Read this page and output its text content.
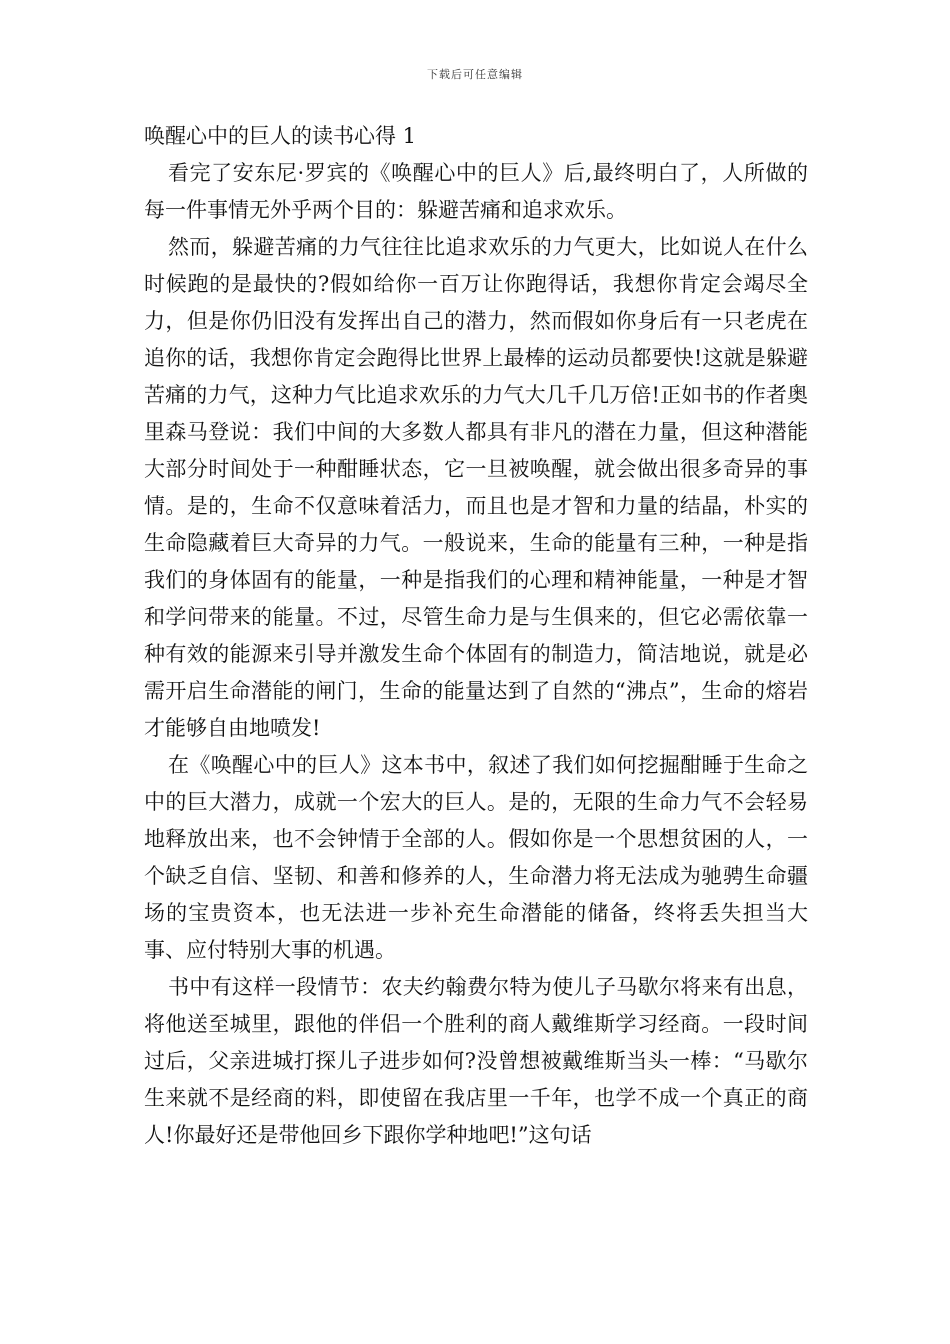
下载后可任意编辑
唤醒心中的巨人的读书心得 1

看完了安东尼·罗宾的《唤醒心中的巨人》后,最终明白了，人所做的每一件事情无外乎两个目的：躲避苦痛和追求欢乐。

然而，躲避苦痛的力气往往比追求欢乐的力气更大，比如说人在什么时候跑的是最快的?假如给你一百万让你跑得话，我想你肯定会竭尽全力，但是你仍旧没有发挥出自己的潜力，然而假如你身后有一只老虎在追你的话，我想你肯定会跑得比世界上最棒的运动员都要快!这就是躲避苦痛的力气，这种力气比追求欢乐的力气大几千几万倍!正如书的作者奥里森马登说：我们中间的大多数人都具有非凡的潜在力量，但这种潜能大部分时间处于一种酣睡状态，它一旦被唤醒，就会做出很多奇异的事情。是的，生命不仅意味着活力，而且也是才智和力量的结晶，朴实的生命隐藏着巨大奇异的力气。一般说来，生命的能量有三种，一种是指我们的身体固有的能量，一种是指我们的心理和精神能量，一种是才智和学问带来的能量。不过，尽管生命力是与生俱来的，但它必需依靠一种有效的能源来引导并激发生命个体固有的制造力，简洁地说，就是必需开启生命潜能的闸门，生命的能量达到了自然的“沸点”，生命的熔岩才能够自由地喷发!

在《唤醒心中的巨人》这本书中，叙述了我们如何挖掘酣睡于生命之中的巨大潜力，成就一个宏大的巨人。是的，无限的生命力气不会轻易地释放出来，也不会钟情于全部的人。假如你是一个思想贫困的人，一个缺乏自信、坚韧、和善和修养的人，生命潜力将无法成为驰骋生命疆场的宝贵资本，也无法进一步补充生命潜能的储备，终将丢失担当大事、应付特别大事的机遇。

书中有这样一段情节：农夫约翰费尔特为使儿子马歇尔将来有出息，将他送至城里，跟他的伴侣一个胜利的商人戴维斯学习经商。一段时间过后，父亲进城打探儿子进步如何?没曾想被戴维斯当头一棒：“马歇尔生来就不是经商的料，即使留在我店里一千年，也学不成一个真正的商人!你最好还是带他回乡下跟你学种地吧!”这句话
